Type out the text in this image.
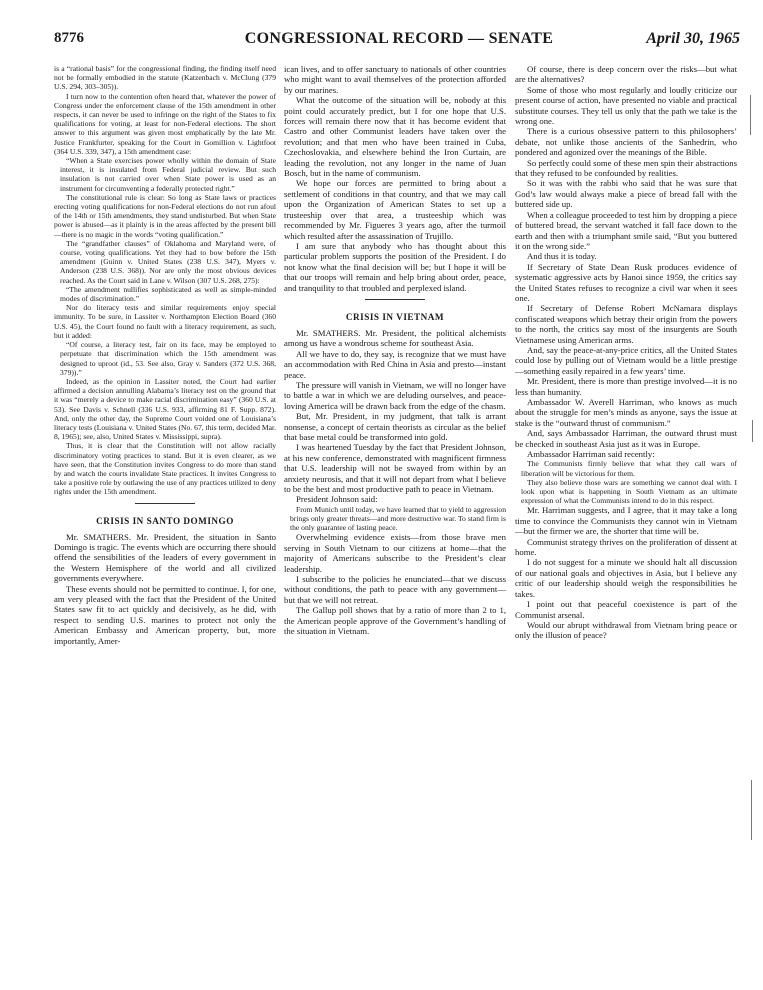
8776	CONGRESSIONAL RECORD — SENATE	April 30, 1965

is a “rational basis” for the congressional finding, the finding itself need not be formally embodied in the statute (Katzenbach v. McClung (379 U.S. 294, 303–305)).

I turn now to the contention often heard that, whatever the power of Congress under the enforcement clause of the 15th amendment in other respects, it can never be used to infringe on the right of the States to fix qualifications for voting, at least for non-Federal elections. The short answer to this argument was given most emphatically by the late Mr. Justice Frankfurter, speaking for the Court in Gomillion v. Lightfoot (364 U.S. 339, 347), a 15th amendment case:

“When a State exercises power wholly within the domain of State interest, it is insulated from Federal judicial review. But such insulation is not carried over when State power is used as an instrument for circumventing a federally protected right.”

The constitutional rule is clear: So long as State laws or practices erecting voting qualifications for non-Federal elections do not run afoul of the 14th or 15th amendments, they stand undisturbed. But when State power is abused—as it plainly is in the areas affected by the present bill—there is no magic in the words “voting qualification.”

The “grandfather clauses” of Oklahoma and Maryland were, of course, voting qualifications. Yet they had to bow before the 15th amendment (Guinn v. United States (238 U.S. 347), Myers v. Anderson (238 U.S. 368)). Nor are only the most obvious devices reached. As the Court said in Lane v. Wilson (307 U.S. 268, 275):

“The amendment nullifies sophisticated as well as simple-minded modes of discrimination.”

Nor do literacy tests and similar requirements enjoy special immunity. To be sure, in Lassiter v. Northampton Election Board (360 U.S. 45), the Court found no fault with a literacy requirement, as such, but it added:

“Of course, a literacy test, fair on its face, may be employed to perpetuate that discrimination which the 15th amendment was designed to uproot (id., 53. See also, Gray v. Sanders (372 U.S. 368, 379)).”

Indeed, as the opinion in Lassiter noted, the Court had earlier affirmed a decision annulling Alabama’s literacy test on the ground that it was “merely a device to make racial discrimination easy” (360 U.S. at 53). See Davis v. Schnell (336 U.S. 933, affirming 81 F. Supp. 872). And, only the other day, the Supreme Court voided one of Louisiana’s literacy tests (Louisiana v. United States (No. 67, this term, decided Mar. 8, 1965); see, also, United States v. Mississippi, supra).

Thus, it is clear that the Constitution will not allow racially discriminatory voting practices to stand. But it is even clearer, as we have seen, that the Constitution invites Congress to do more than stand by and watch the courts invalidate State practices. It invites Congress to take a positive role by outlawing the use of any practices utilized to deny rights under the 15th amendment.

CRISIS IN SANTO DOMINGO

Mr. SMATHERS. Mr. President, the situation in Santo Domingo is tragic. The events which are occurring there should offend the sensibilities of the leaders of every government in the Western Hemisphere of the world and all civilized governments everywhere.

These events should not be permitted to continue. I, for one, am very pleased with the fact that the President of the United States saw fit to act quickly and decisively, as he did, with respect to sending U.S. marines to protect not only the American Embassy and American property, but, more importantly, Amer-

ican lives, and to offer sanctuary to nationals of other countries who might want to avail themselves of the protection afforded by our marines.

What the outcome of the situation will be, nobody at this point could accurately predict, but I for one hope that U.S. forces will remain there now that it has become evident that Castro and other Communist leaders have taken over the revolution; and that men who have been trained in Cuba, Czechoslovakia, and elsewhere behind the Iron Curtain, are leading the revolution, not any longer in the name of Juan Bosch, but in the name of communism.

We hope our forces are permitted to bring about a settlement of conditions in that country, and that we may call upon the Organization of American States to set up a trusteeship over that area, a trusteeship which was recommended by Mr. Figueres 3 years ago, after the turmoil which resulted after the assassination of Trujillo.

I am sure that anybody who has thought about this particular problem supports the position of the President. I do not know what the final decision will be; but I hope it will be that our troops will remain and help bring about order, peace, and tranquility to that troubled and perplexed island.

CRISIS IN VIETNAM

Mr. SMATHERS. Mr. President, the political alchemists among us have a wondrous scheme for southeast Asia.

All we have to do, they say, is recognize that we must have an accommodation with Red China in Asia and presto—instant peace.

The pressure will vanish in Vietnam, we will no longer have to battle a war in which we are deluding ourselves, and peace-loving America will be drawn back from the edge of the chasm.

But, Mr. President, in my judgment, that talk is arrant nonsense, a concept of certain theorists as circular as the belief that base metal could be transformed into gold.

I was heartened Tuesday by the fact that President Johnson, at his new conference, demonstrated with magnificent firmness that U.S. leadership will not be swayed from within by an anxiety neurosis, and that it will not depart from what I believe to be the best and most productive path to peace in Vietnam.

President Johnson said:

From Munich until today, we have learned that to yield to aggression brings only greater threats—and more destructive war. To stand firm is the only guarantee of lasting peace.

Overwhelming evidence exists—from those brave men serving in South Vietnam to our citizens at home—that the majority of Americans subscribe to the President’s clear leadership.

I subscribe to the policies he enunciated—that we discuss without conditions, the path to peace with any government—but that we will not retreat.

The Gallup poll shows that by a ratio of more than 2 to 1, the American people approve of the Government’s handling of the situation in Vietnam.

Of course, there is deep concern over the risks—but what are the alternatives?

Some of those who most regularly and loudly criticize our present course of action, have presented no viable and practical substitute courses. They tell us only that the path we take is the wrong one.

There is a curious obsessive pattern to this philosophers’ debate, not unlike those ancients of the Sanhedrin, who pondered and agonized over the meanings of the Bible.

So perfectly could some of these men spin their abstractions that they refused to be confounded by realities.

So it was with the rabbi who said that he was sure that God’s law would always make a piece of bread fall with the buttered side up.

When a colleague proceeded to test him by dropping a piece of buttered bread, the servant watched it fall face down to the earth and then with a triumphant smile said, “But you buttered it on the wrong side.”

And thus it is today.

If Secretary of State Dean Rusk produces evidence of systematic aggressive acts by Hanoi since 1959, the critics say the United States refuses to recognize a civil war when it sees one.

If Secretary of Defense Robert McNamara displays confiscated weapons which betray their origin from the powers to the north, the critics say most of the insurgents are South Vietnamese using American arms.

And, say the peace-at-any-price critics, all the United States could lose by pulling out of Vietnam would be a little prestige—something easily repaired in a few years’ time.

Mr. President, there is more than prestige involved—it is no less than humanity.

Ambassador W. Averell Harriman, who knows as much about the struggle for men’s minds as anyone, says the issue at stake is the “outward thrust of communism.”

And, says Ambassador Harriman, the outward thrust must be checked in southeast Asia just as it was in Europe.

Ambassador Harriman said recently:

The Communists firmly believe that what they call wars of liberation will be victorious for them.

They also believe those wars are something we cannot deal with. I look upon what is happening in South Vietnam as an ultimate expression of what the Communists intend to do in this respect.

Mr. Harriman suggests, and I agree, that it may take a long time to convince the Communists they cannot win in Vietnam—but the firmer we are, the shorter that time will be.

Communist strategy thrives on the proliferation of dissent at home.

I do not suggest for a minute we should halt all discussion of our national goals and objectives in Asia, but I believe any critic of our leadership should weigh the responsibilities he takes.

I point out that peaceful coexistence is part of the Communist arsenal.

Would our abrupt withdrawal from Vietnam bring peace or only the illusion of peace?
